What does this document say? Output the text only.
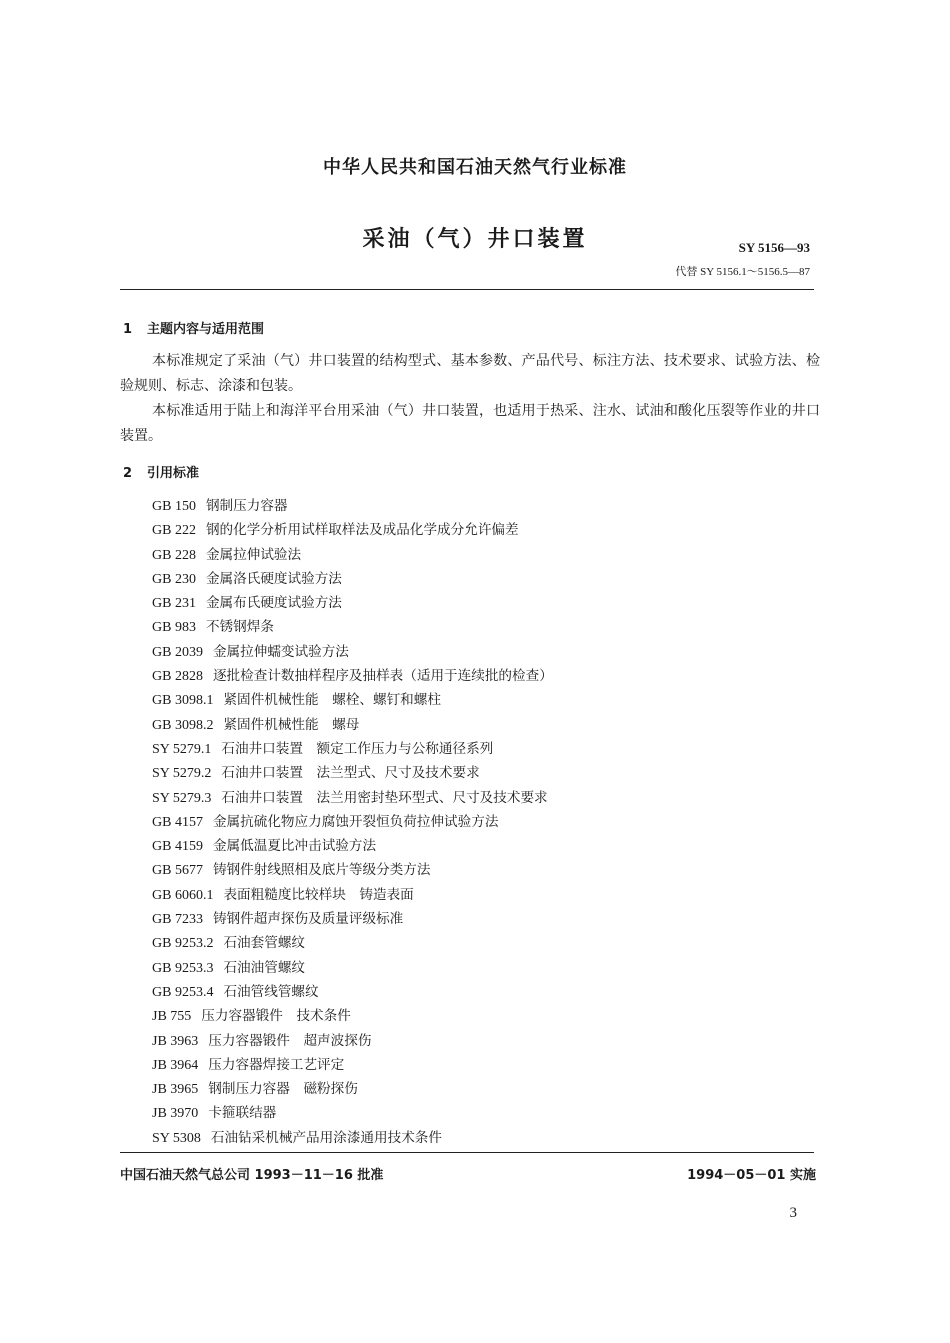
中华人民共和国石油天然气行业标准
采油（气）井口装置	SY 5156—93
代替 SY 5156.1～5156.5—87
1 主题内容与适用范围
本标准规定了采油（气）井口装置的结构型式、基本参数、产品代号、标注方法、技术要求、试验方法、检验规则、标志、涂漆和包装。
本标准适用于陆上和海洋平台用采油（气）井口装置，也适用于热采、注水、试油和酸化压裂等作业的井口装置。
2 引用标准
GB 150 钢制压力容器
GB 222 钢的化学分析用试样取样法及成品化学成分允许偏差
GB 228 金属拉伸试验法
GB 230 金属洛氏硬度试验方法
GB 231 金属布氏硬度试验方法
GB 983 不锈钢焊条
GB 2039 金属拉伸蠕变试验方法
GB 2828 逐批检查计数抽样程序及抽样表（适用于连续批的检查）
GB 3098.1 紧固件机械性能　螺栓、螺钉和螺柱
GB 3098.2 紧固件机械性能　螺母
SY 5279.1 石油井口装置　额定工作压力与公称通径系列
SY 5279.2 石油井口装置　法兰型式、尺寸及技术要求
SY 5279.3 石油井口装置　法兰用密封垫环型式、尺寸及技术要求
GB 4157 金属抗硫化物应力腐蚀开裂恒负荷拉伸试验方法
GB 4159 金属低温夏比冲击试验方法
GB 5677 铸钢件射线照相及底片等级分类方法
GB 6060.1 表面粗糙度比较样块　铸造表面
GB 7233 铸钢件超声探伤及质量评级标准
GB 9253.2 石油套管螺纹
GB 9253.3 石油油管螺纹
GB 9253.4 石油管线管螺纹
JB 755 压力容器锻件　技术条件
JB 3963 压力容器锻件　超声波探伤
JB 3964 压力容器焊接工艺评定
JB 3965 钢制压力容器　磁粉探伤
JB 3970 卡箍联结器
SY 5308 石油钻采机械产品用涂漆通用技术条件
中国石油天然气总公司 1993－11－16 批准	1994－05－01 实施
3
